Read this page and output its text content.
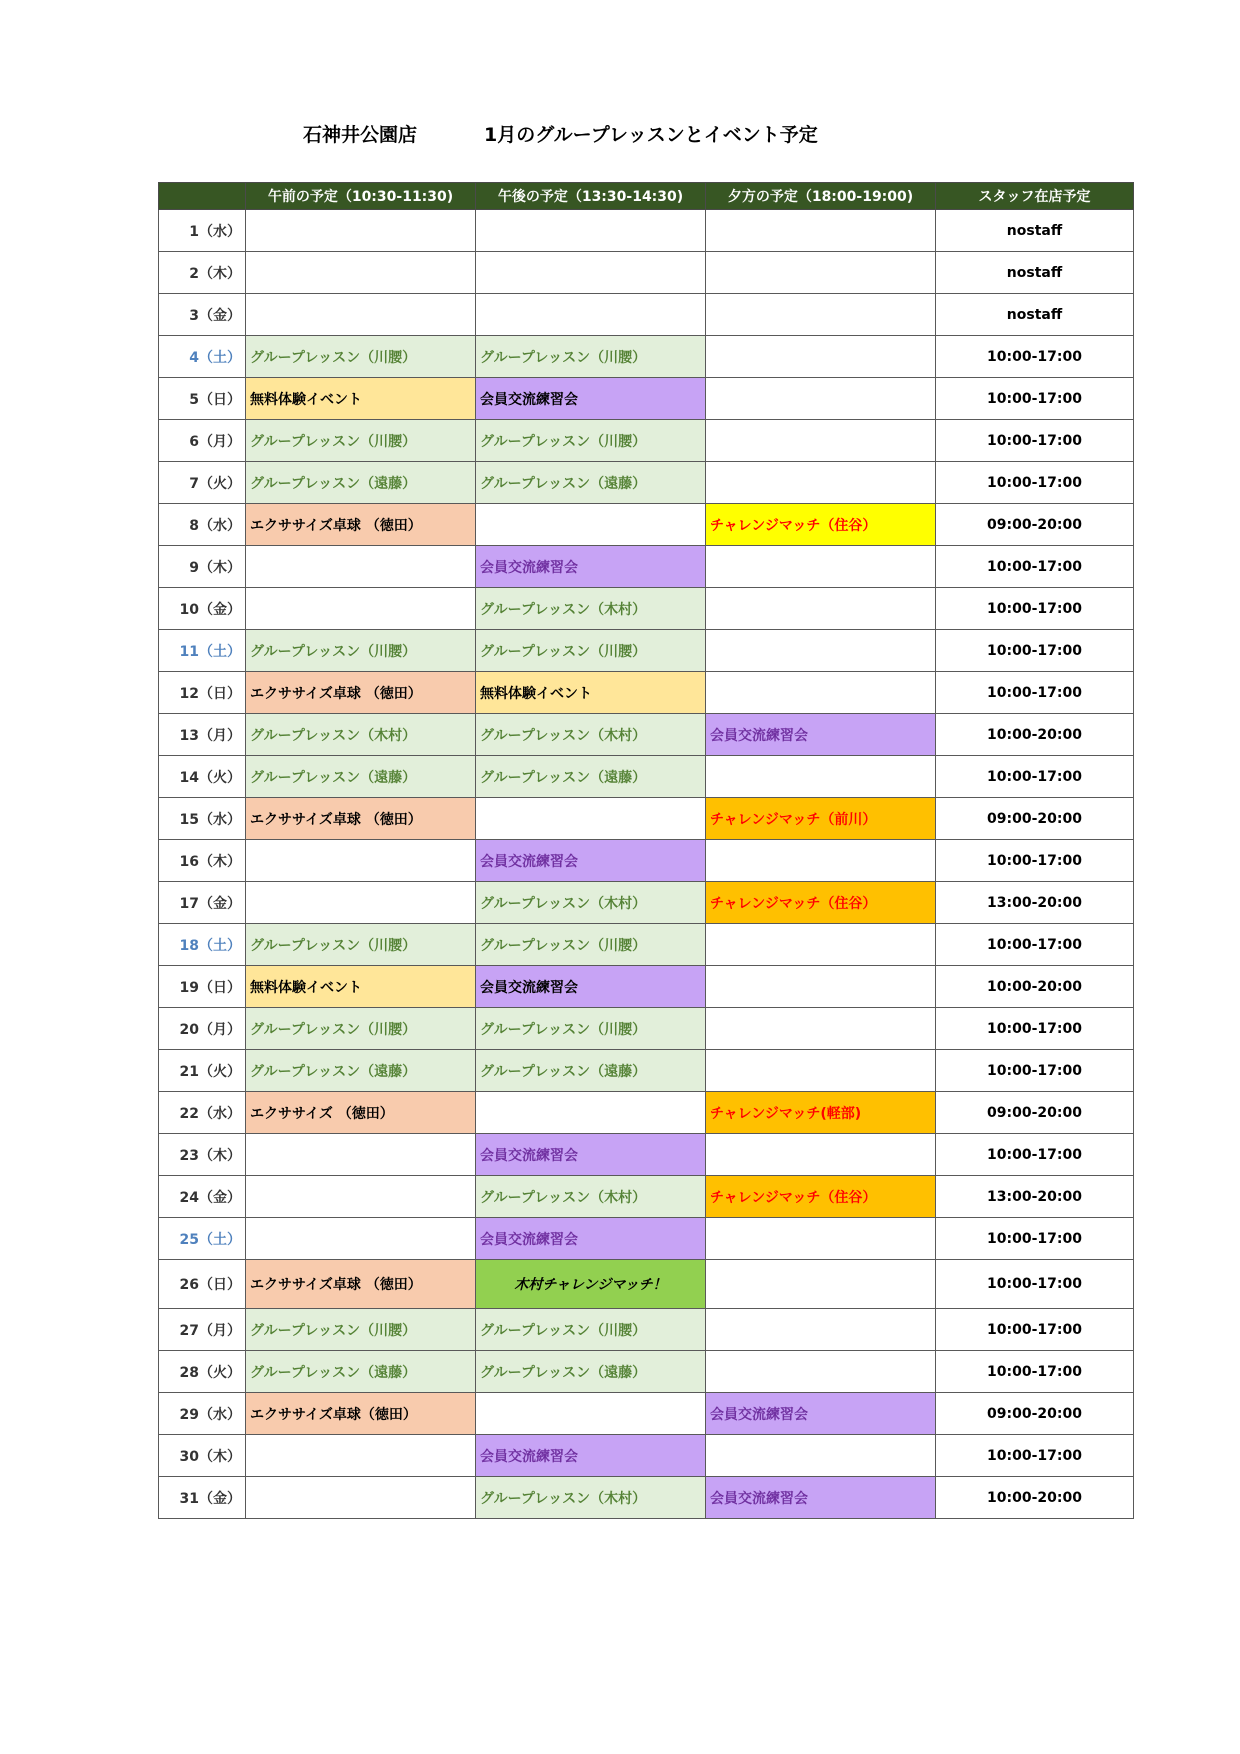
石神井公園店	1月のグループレッスンとイベント予定
	午前の予定（10:30-11:30)	午後の予定（13:30-14:30)	夕方の予定（18:00-19:00)	スタッフ在店予定
1（水）				nostaff
2（木）				nostaff
3（金）				nostaff
4（土）	グループレッスン（川腰）	グループレッスン（川腰）		10:00-17:00
5（日）	無料体験イベント	会員交流練習会		10:00-17:00
6（月）	グループレッスン（川腰）	グループレッスン（川腰）		10:00-17:00
7（火）	グループレッスン（遠藤）	グループレッスン（遠藤）		10:00-17:00
8（水）	エクササイズ卓球 （徳田）		チャレンジマッチ（住谷）	09:00-20:00
9（木）		会員交流練習会		10:00-17:00
10（金）		グループレッスン（木村）		10:00-17:00
11（土）	グループレッスン（川腰）	グループレッスン（川腰）		10:00-17:00
12（日）	エクササイズ卓球 （徳田）	無料体験イベント		10:00-17:00
13（月）	グループレッスン（木村）	グループレッスン（木村）	会員交流練習会	10:00-20:00
14（火）	グループレッスン（遠藤）	グループレッスン（遠藤）		10:00-17:00
15（水）	エクササイズ卓球 （徳田）		チャレンジマッチ（前川）	09:00-20:00
16（木）		会員交流練習会		10:00-17:00
17（金）		グループレッスン（木村）	チャレンジマッチ（住谷）	13:00-20:00
18（土）	グループレッスン（川腰）	グループレッスン（川腰）		10:00-17:00
19（日）	無料体験イベント	会員交流練習会		10:00-20:00
20（月）	グループレッスン（川腰）	グループレッスン（川腰）		10:00-17:00
21（火）	グループレッスン（遠藤）	グループレッスン（遠藤）		10:00-17:00
22（水）	エクササイズ （徳田）		チャレンジマッチ(軽部)	09:00-20:00
23（木）		会員交流練習会		10:00-17:00
24（金）		グループレッスン（木村）	チャレンジマッチ（住谷）	13:00-20:00
25（土）		会員交流練習会		10:00-17:00
26（日）	エクササイズ卓球 （徳田）	木村チャレンジマッチ！		10:00-17:00
27（月）	グループレッスン（川腰）	グループレッスン（川腰）		10:00-17:00
28（火）	グループレッスン（遠藤）	グループレッスン（遠藤）		10:00-17:00
29（水）	エクササイズ卓球（徳田）		会員交流練習会	09:00-20:00
30（木）		会員交流練習会		10:00-17:00
31（金）		グループレッスン（木村）	会員交流練習会	10:00-20:00
